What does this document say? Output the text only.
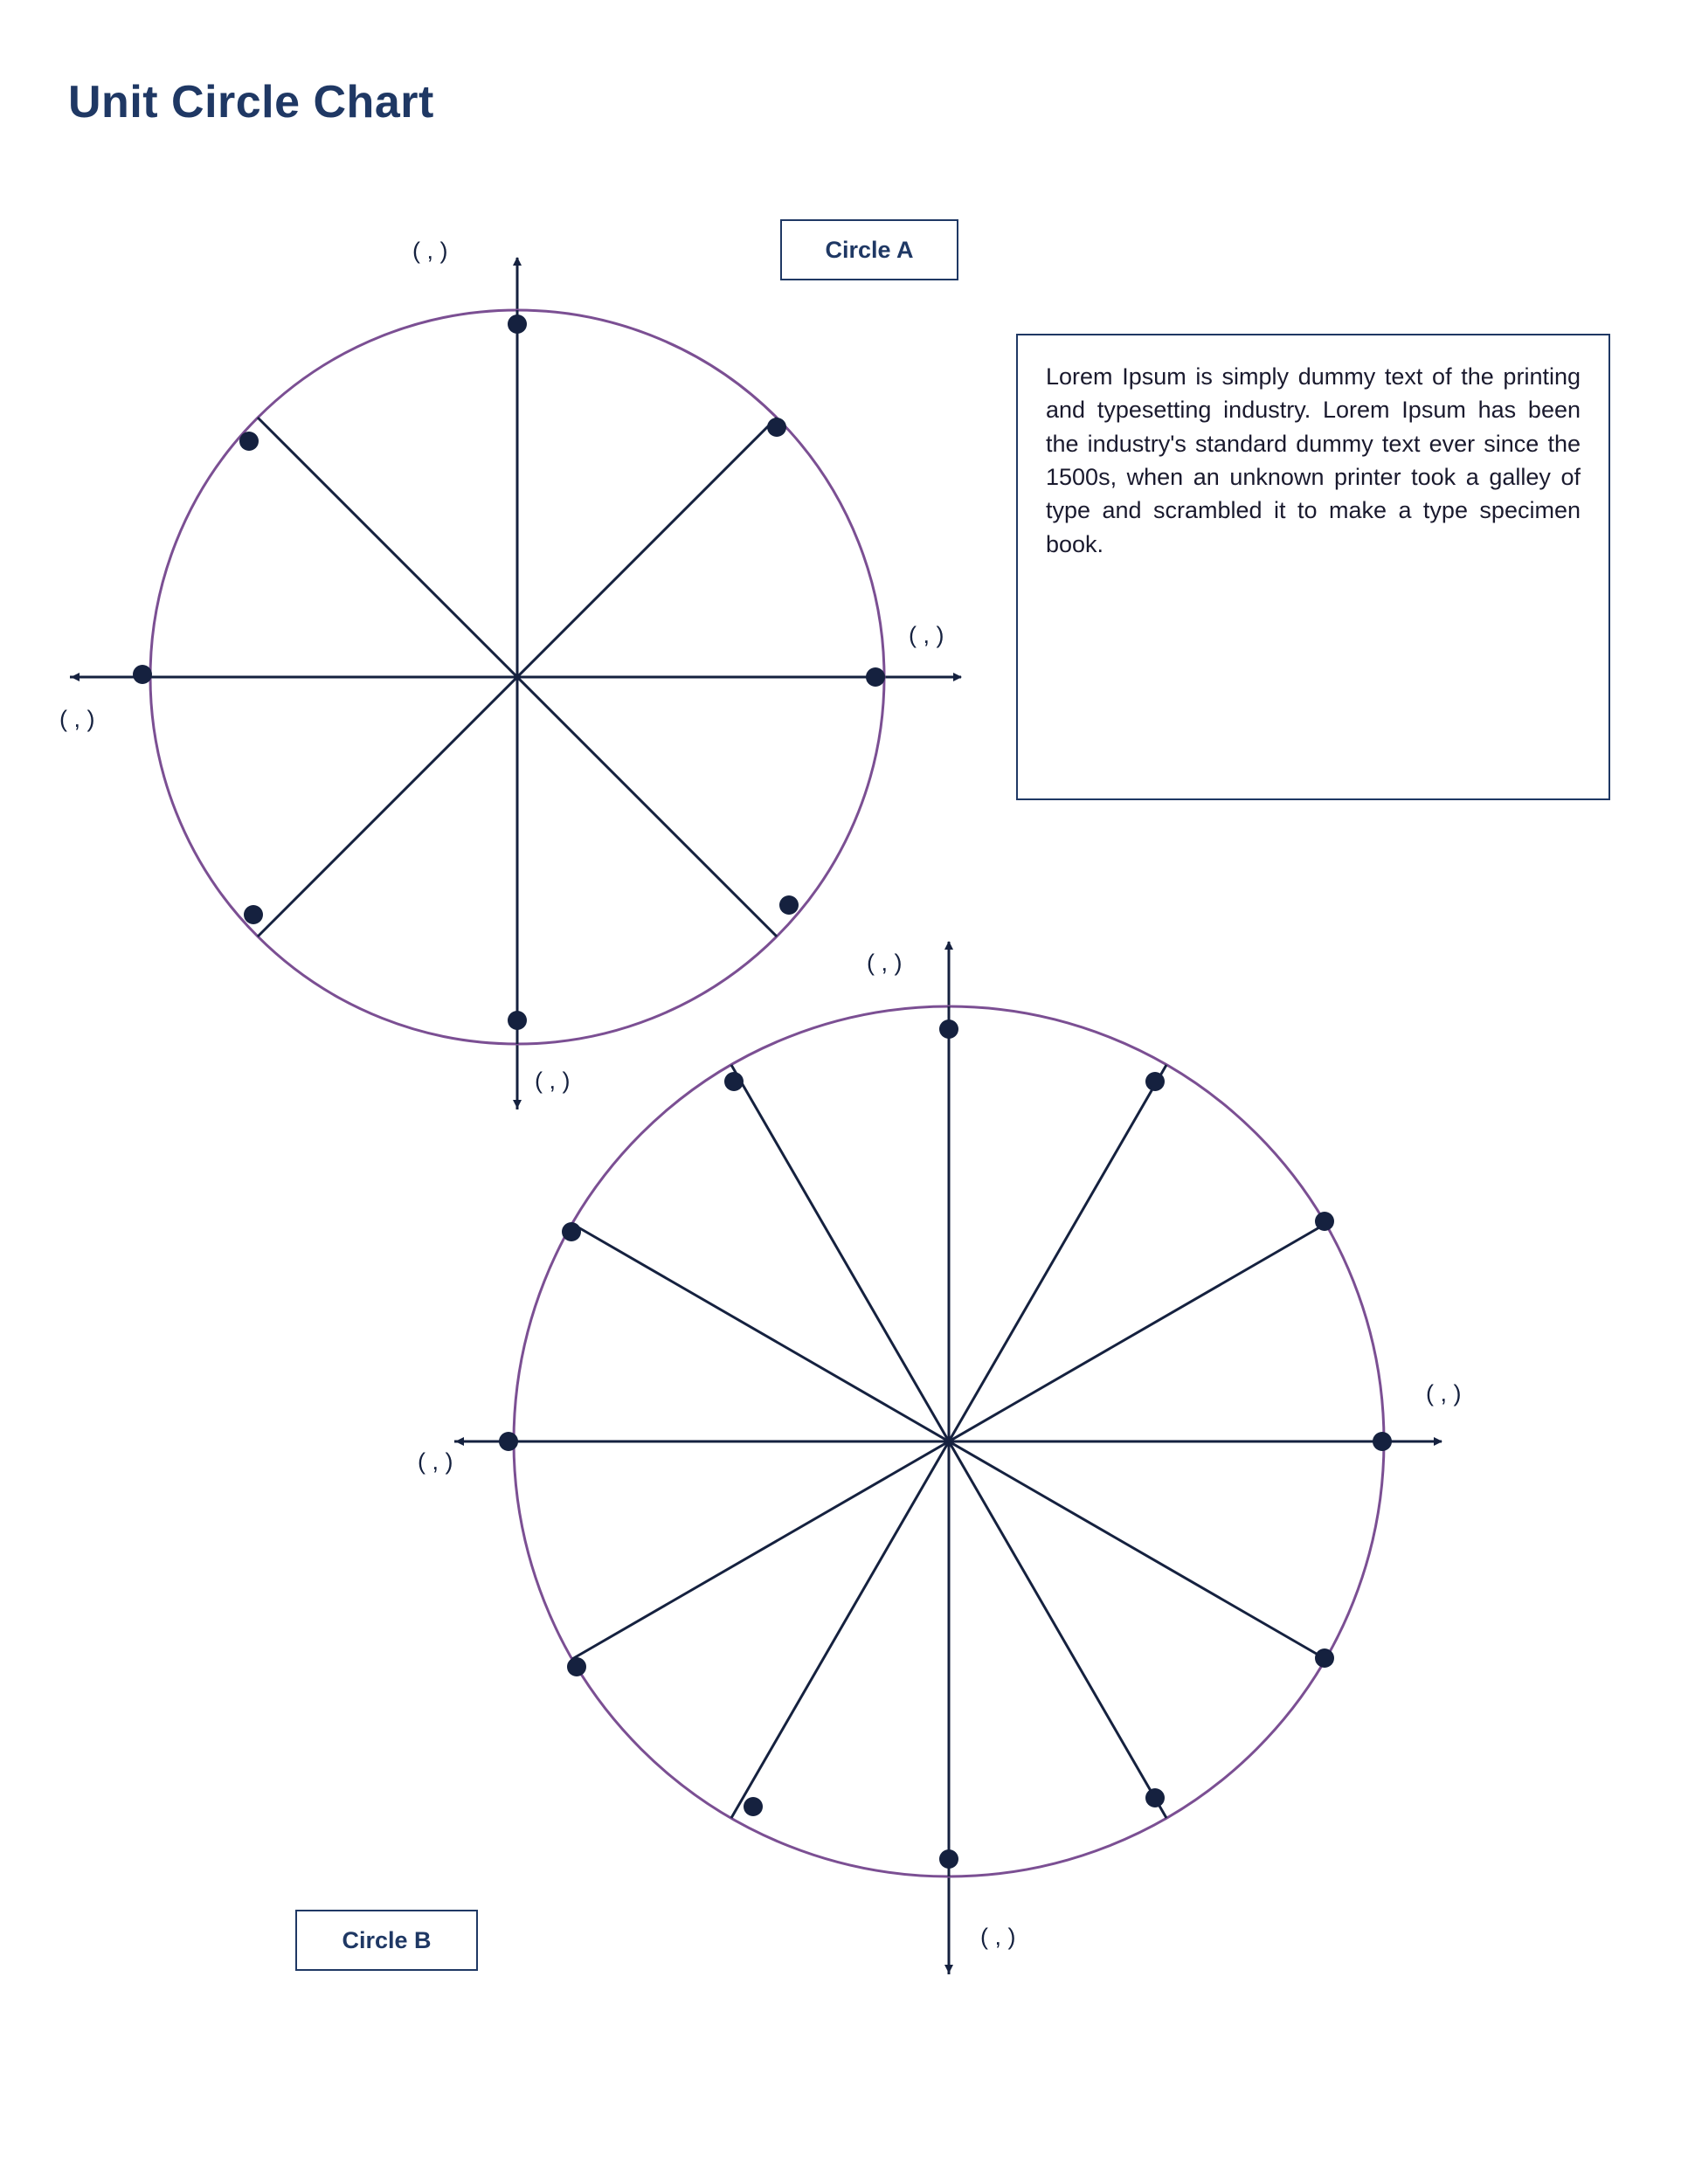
Unit Circle Chart
( , )
( , )
( , )
( , )
( , )
( , )
( , )
( , )
Circle A
Circle B
Lorem Ipsum is simply dummy text of the printing and typesetting industry. Lorem Ipsum has been the industry's standard dummy text ever since the 1500s, when an unknown printer took a galley of type and scrambled it to make a type specimen book.
